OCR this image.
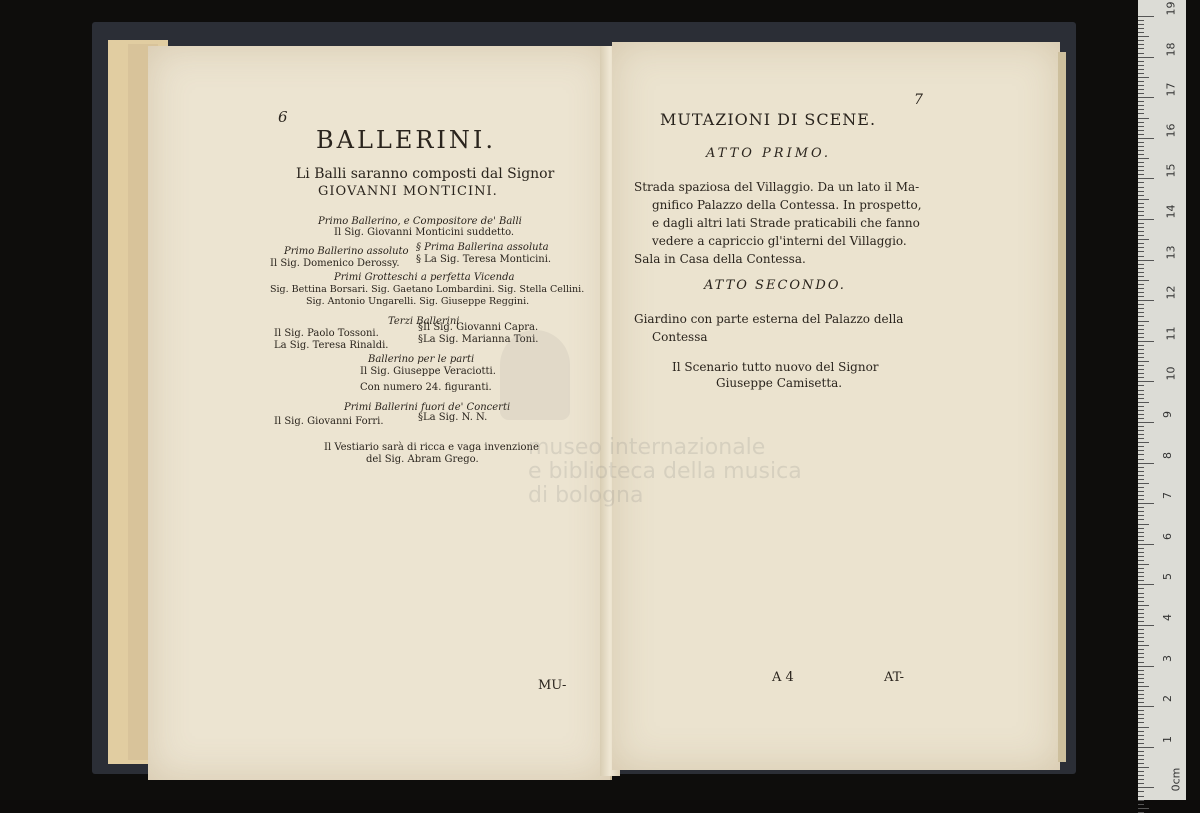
6
BALLERINI.
Li Balli saranno composti dal Signor
GIOVANNI MONTICINI.
Primo Ballerino, e Compositore de' Balli
Il Sig. Giovanni Monticini suddetto.
Primo Ballerino assoluto
Il Sig. Domenico Derossy.
§ Prima Ballerina assoluta
§ La Sig. Teresa Monticini.
Primi Grotteschi a perfetta Vicenda
Sig. Bettina Borsari. Sig. Gaetano Lombardini. Sig. Stella Cellini.
Sig. Antonio Ungarelli. Sig. Giuseppe Reggini.
Terzi Ballerini
Il Sig. Paolo Tossoni.
La Sig. Teresa Rinaldi.
§Il Sig. Giovanni Capra.
§La Sig. Marianna Toni.
Ballerino per le parti
Il Sig. Giuseppe Veraciotti.
Con numero 24. figuranti.
Primi Ballerini fuori de' Concerti
Il Sig. Giovanni Forri.	§La Sig. N. N.
Il Vestiario sarà di ricca e vaga invenzione
del Sig. Abram Grego.
MU-
7
MUTAZIONI DI SCENE.
ATTO PRIMO.
Strada spaziosa del Villaggio. Da un lato il Ma-
gnifico Palazzo della Contessa. In prospetto,
e dagli altri lati Strade praticabili che fanno
vedere a capriccio gl'interni del Villaggio.
Sala in Casa della Contessa.
ATTO SECONDO.
Giardino con parte esterna del Palazzo della
Contessa
Il Scenario tutto nuovo del Signor
Giuseppe Camisetta.
A 4	AT-
museo internazionale
e biblioteca della musica
di bologna
19
18
17
16
15
14
13
12
11
10
9
8
7
6
5
4
3
2
1
0cm
